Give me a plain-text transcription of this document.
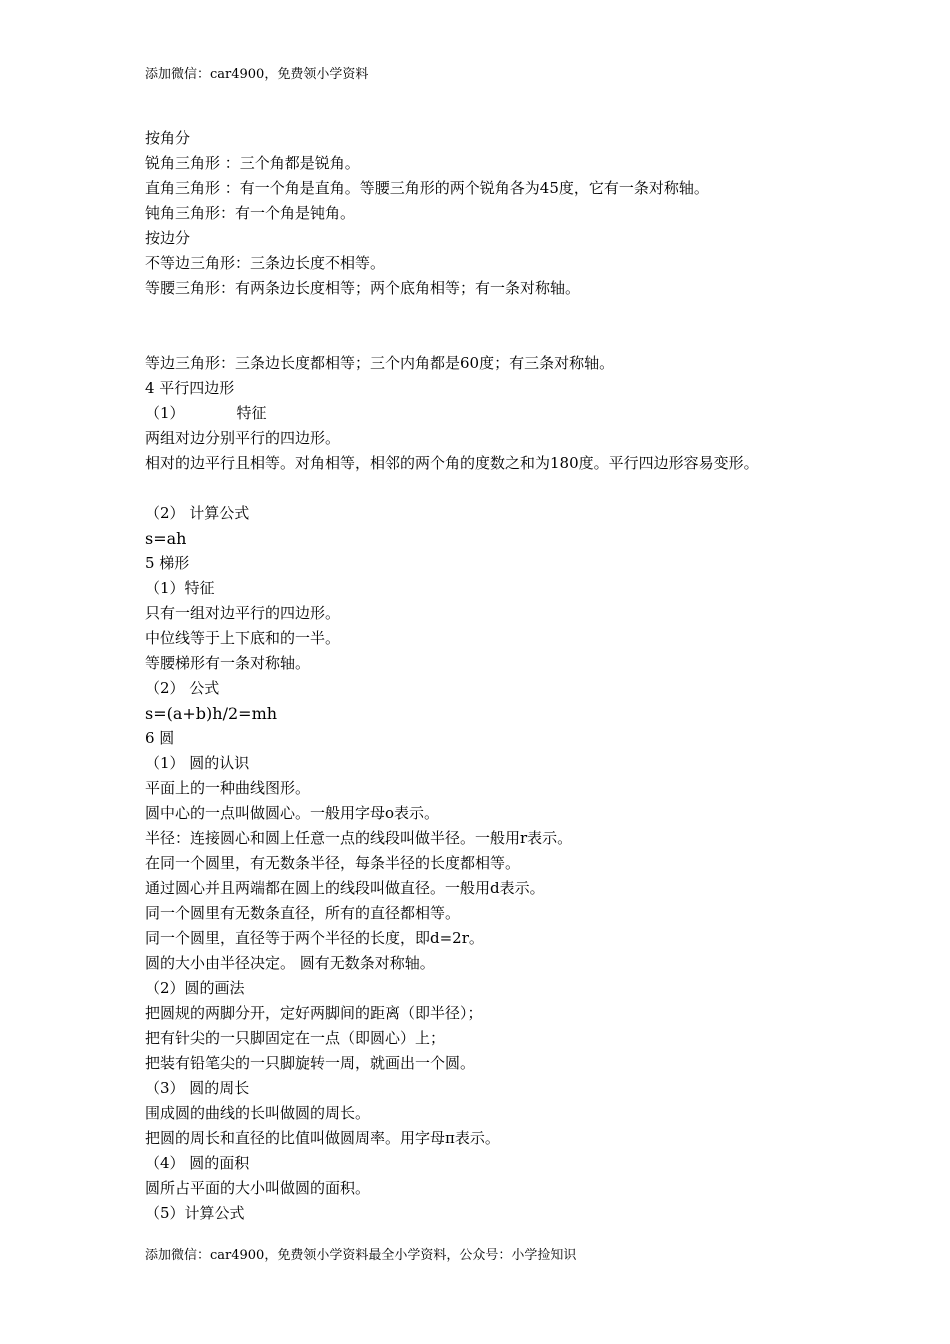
添加微信：car4900，免费领小学资料
按角分
锐角三角形 ：三个角都是锐角。
直角三角形 ：有一个角是直角。等腰三角形的两个锐角各为45度，它有一条对称轴。
钝角三角形：有一个角是钝角。
按边分
不等边三角形：三条边长度不相等。
等腰三角形：有两条边长度相等；两个底角相等；有一条对称轴。
等边三角形：三条边长度都相等；三个内角都是60度；有三条对称轴。
4 平行四边形
（1）	特征
两组对边分别平行的四边形。
相对的边平行且相等。对角相等，相邻的两个角的度数之和为180度。平行四边形容易变形。
（2） 计算公式
s=ah
5 梯形
（1）特征
只有一组对边平行的四边形。
中位线等于上下底和的一半。
等腰梯形有一条对称轴。
（2） 公式
s=(a+b)h/2=mh
6 圆
（1） 圆的认识
平面上的一种曲线图形。
圆中心的一点叫做圆心。一般用字母o表示。
半径：连接圆心和圆上任意一点的线段叫做半径。一般用r表示。
在同一个圆里，有无数条半径，每条半径的长度都相等。
通过圆心并且两端都在圆上的线段叫做直径。一般用d表示。
同一个圆里有无数条直径，所有的直径都相等。
同一个圆里，直径等于两个半径的长度，即d=2r。
圆的大小由半径决定。 圆有无数条对称轴。
（2）圆的画法
把圆规的两脚分开，定好两脚间的距离（即半径）；
把有针尖的一只脚固定在一点（即圆心）上；
把装有铅笔尖的一只脚旋转一周，就画出一个圆。
（3） 圆的周长
围成圆的曲线的长叫做圆的周长。
把圆的周长和直径的比值叫做圆周率。用字母π表示。
（4） 圆的面积
圆所占平面的大小叫做圆的面积。
（5）计算公式
添加微信：car4900，免费领小学资料最全小学资料，公众号：小学捡知识
